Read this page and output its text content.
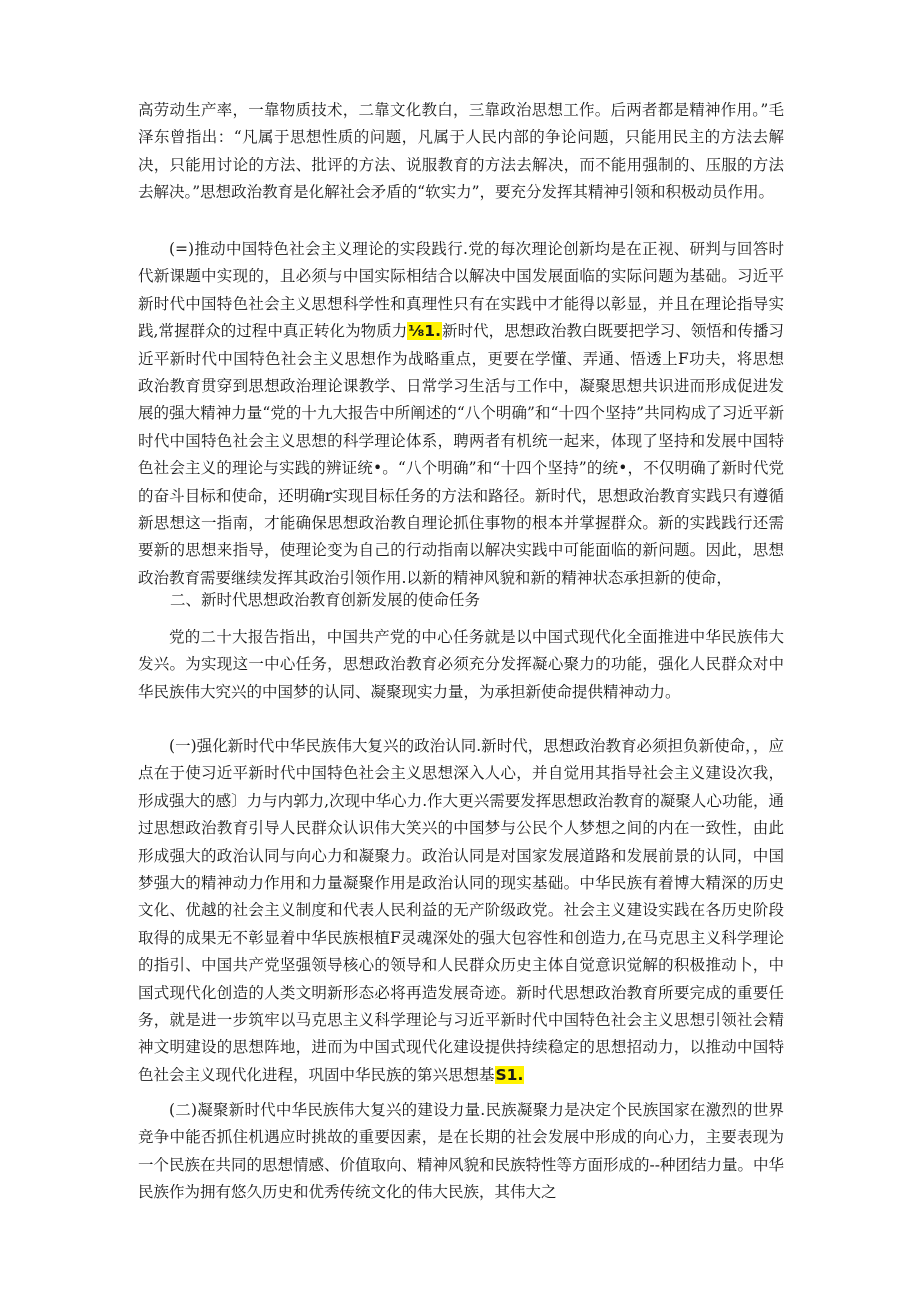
高劳动生产率，一靠物质技术，二靠文化教白，三靠政治思想工作。后两者都是精神作用。”毛泽东曾指出：“凡属于思想性质的问题，凡属于人民内部的争论问题，只能用民主的方法去解决，只能用讨论的方法、批评的方法、说服教育的方法去解决，而不能用强制的、压服的方法去解决。”思想政治教育是化解社会矛盾的“软实力”，要充分发挥其精神引领和积极动员作用。

(=)推动中国特色社会主义理论的实段践行.党的每次理论创新均是在正视、研判与回答时代新课题中实现的，且必须与中国实际相结合以解决中国发展面临的实际问题为基础。习近平新时代中国特色社会主义思想科学性和真理性只有在实践中才能得以彰显，并且在理论指导实践,常握群众的过程中真正转化为物质力⅛1.新时代，思想政治教白既要把学习、领悟和传播习近平新时代中国特色社会主义思想作为战略重点，更要在学懂、弄通、悟透上F功夫，将思想政治教育贯穿到思想政治理论课教学、日常学习生活与工作中，凝聚思想共识进而形成促进发展的强大精神力量“党的十九大报告中所阐述的“八个明确”和“十四个坚持”共同构成了习近平新时代中国特色社会主义思想的科学理论体系，聘两者有机统一起来，体现了坚持和发展中国特色社会主义的理论与实践的辨证统•。“八个明确”和“十四个坚持”的统•，不仅明确了新时代党的奋斗目标和使命，还明确r实现目标任务的方法和路径。新时代，思想政治教育实践只有遵循新思想这一指南，才能确保思想政治教自理论抓住事物的根本并掌握群众。新的实践践行还需要新的思想来指导，使理论变为自己的行动指南以解决实践中可能面临的新问题。因此，思想政治教育需要继续发挥其政治引领作用.以新的精神风貌和新的精神状态承担新的使命，

二、新时代思想政治教育创新发展的使命任务

党的二十大报告指出，中国共产党的中心任务就是以中国式现代化全面推进中华民族伟大发兴。为实现这一中心任务，思想政治教育必须充分发挥凝心聚力的功能，强化人民群众对中华民族伟大究兴的中国梦的认同、凝聚现实力量，为承担新使命提供精神动力。

(一)强化新时代中华民族伟大复兴的政治认同.新时代，思想政治教育必须担负新使命，，应点在于使习近平新时代中国特色社会主义思想深入人心，并自觉用其指导社会主义建设次我，形成强大的感〕力与内郭力,次现中华心力.作大更兴需要发挥思想政治教育的凝聚人心功能，通过思想政治教育引导人民群众认识伟大笑兴的中国梦与公民个人梦想之间的内在一致性，由此形成强大的政治认同与向心力和凝聚力。政治认同是对国家发展道路和发展前景的认同，中国梦强大的精神动力作用和力量凝聚作用是政治认同的现实基础。中华民族有着博大精深的历史文化、优越的社会主义制度和代表人民利益的无产阶级政党。社会主义建设实践在各历史阶段取得的成果无不彰显着中华民族根植F灵魂深处的强大包容性和创造力,在马克思主义科学理论的指引、中国共产党坚强领导核心的领导和人民群众历史主体自觉意识觉解的积极推动卜，中国式现代化创造的人类文明新形态必将再造发展奇迹。新时代思想政治教育所要完成的重要任务，就是进一步筑牢以马克思主义科学理论与习近平新时代中国特色社会主义思想引领社会精神文明建设的思想阵地，进而为中国式现代化建设提供持续稳定的思想招动力，以推动中国特色社会主义现代化进程，巩固中华民族的第兴思想基S1.

(二)凝聚新时代中华民族伟大复兴的建设力量.民族凝聚力是决定个民族国家在激烈的世界竞争中能否抓住机遇应时挑故的重要因素，是在长期的社会发展中形成的向心力，主要表现为一个民族在共同的思想情感、价值取向、精神风貌和民族特性等方面形成的--种团结力量。中华民族作为拥有悠久历史和优秀传统文化的伟大民族，其伟大之
